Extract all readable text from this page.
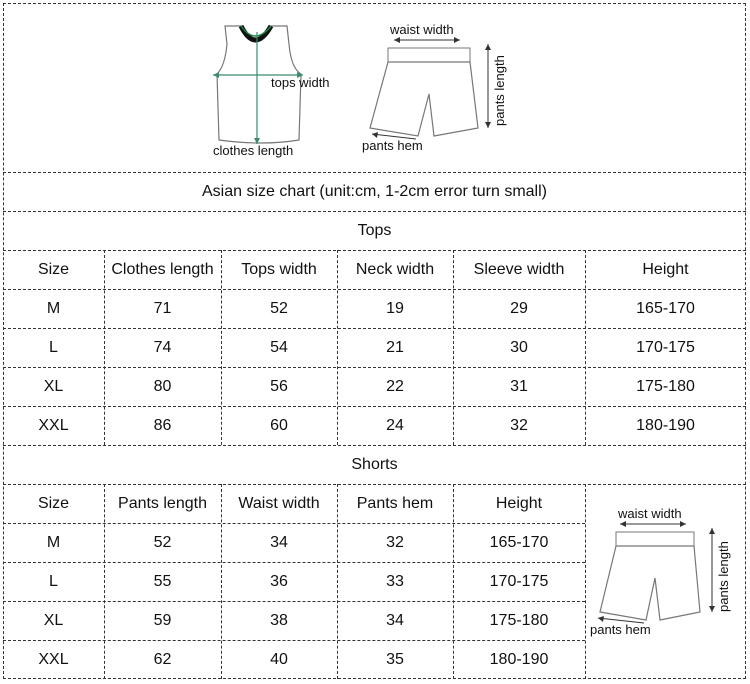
tops width
clothes length
waist width
pants length
pants hem
Asian size chart (unit:cm, 1-2cm error turn small)
Tops
Shorts
Size	Clothes length	Tops width	Neck width	Sleeve width	Height
M	71	52	19	29	165-170
L	74	54	21	30	170-175
XL	80	56	22	31	175-180
XXL	86	60	24	32	180-190
Size	Pants length	Waist width	Pants hem	Height
M	52	34	32	165-170
L	55	36	33	170-175
XL	59	38	34	175-180
XXL	62	40	35	180-190
waist width
pants length
pants hem
